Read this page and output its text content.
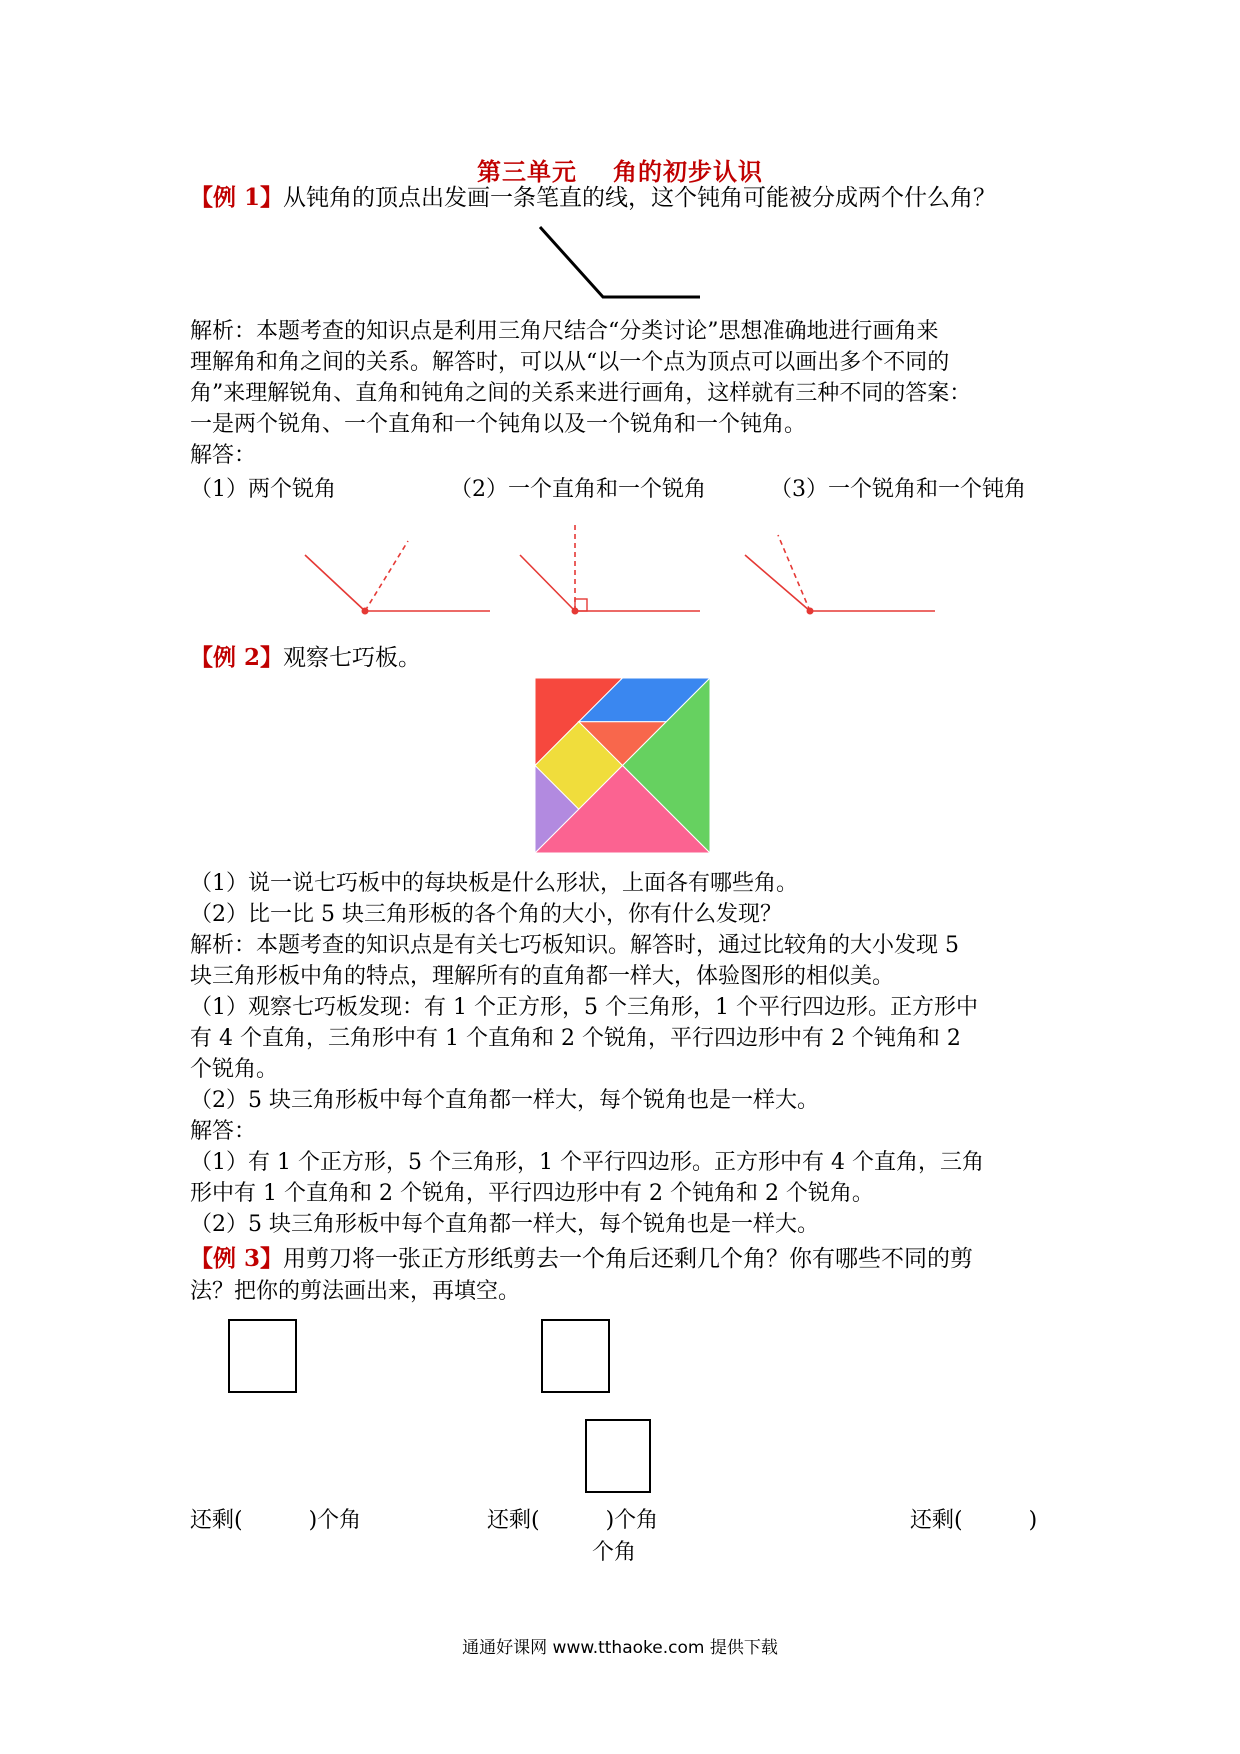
第三单元 角的初步认识
【例 1】从钝角的顶点出发画一条笔直的线，这个钝角可能被分成两个什么角？
解析：本题考查的知识点是利用三角尺结合“分类讨论”思想准确地进行画角来
理解角和角之间的关系。解答时，可以从“以一个点为顶点可以画出多个不同的
角”来理解锐角、直角和钝角之间的关系来进行画角，这样就有三种不同的答案：
一是两个锐角、一个直角和一个钝角以及一个锐角和一个钝角。
解答：
（1）两个锐角	（2）一个直角和一个锐角	（3）一个锐角和一个钝角
【例 2】观察七巧板。
（1）说一说七巧板中的每块板是什么形状，上面各有哪些角。
（2）比一比 5 块三角形板的各个角的大小，你有什么发现？
解析：本题考查的知识点是有关七巧板知识。解答时，通过比较角的大小发现 5
块三角形板中角的特点，理解所有的直角都一样大，体验图形的相似美。
（1）观察七巧板发现：有 1 个正方形，5 个三角形，1 个平行四边形。正方形中
有 4 个直角，三角形中有 1 个直角和 2 个锐角，平行四边形中有 2 个钝角和 2
个锐角。
（2）5 块三角形板中每个直角都一样大，每个锐角也是一样大。
解答：
（1）有 1 个正方形，5 个三角形，1 个平行四边形。正方形中有 4 个直角，三角
形中有 1 个直角和 2 个锐角，平行四边形中有 2 个钝角和 2 个锐角。
（2）5 块三角形板中每个直角都一样大，每个锐角也是一样大。
【例 3】用剪刀将一张正方形纸剪去一个角后还剩几个角？你有哪些不同的剪
法？把你的剪法画出来，再填空。
还剩(　　　)个角	还剩(　　　)个角	还剩(　　　)
个角
通通好课网 www.tthaoke.com 提供下载
